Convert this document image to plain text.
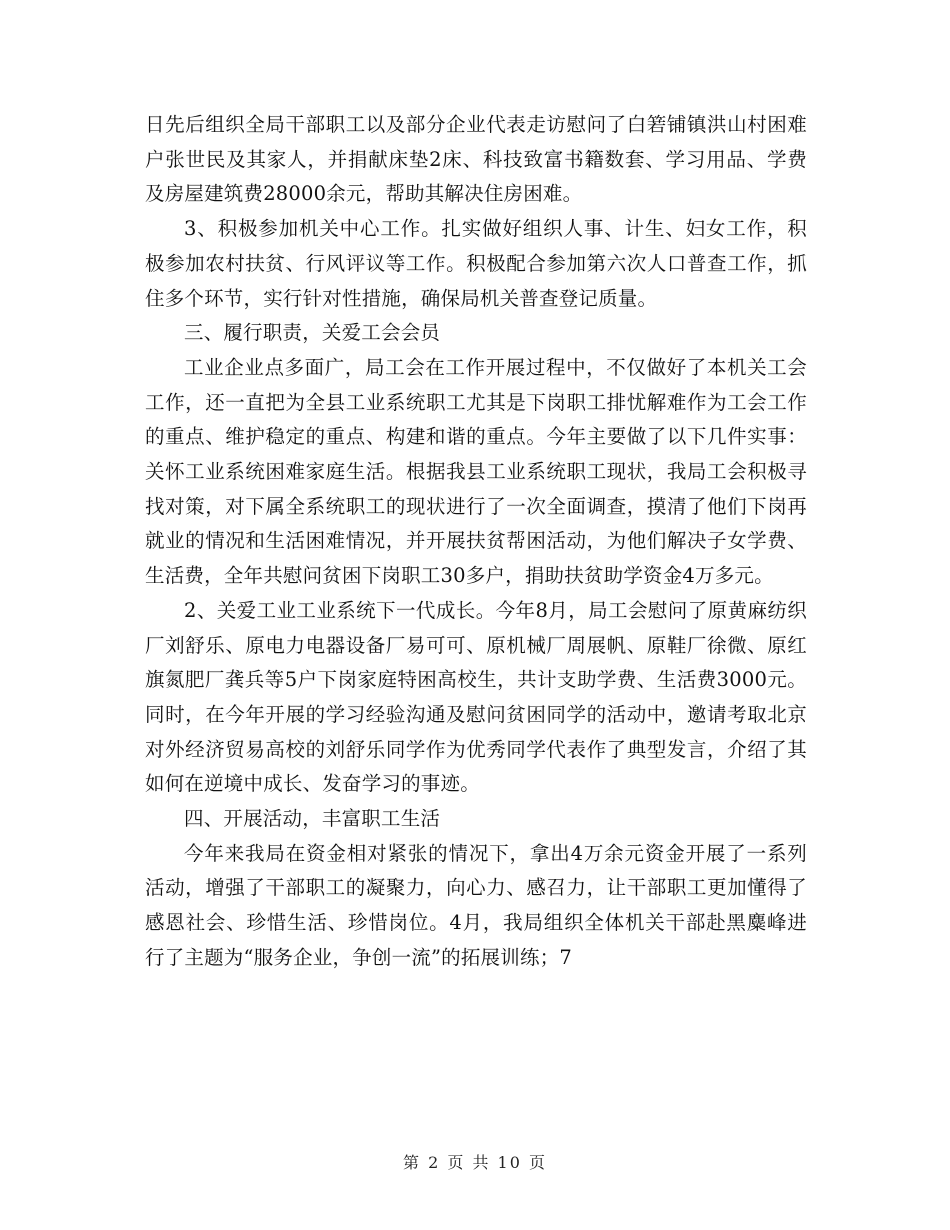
日先后组织全局干部职工以及部分企业代表走访慰问了白箬铺镇洪山村困难户张世民及其家人，并捐献床垫2床、科技致富书籍数套、学习用品、学费及房屋建筑费28000余元，帮助其解决住房困难。

3、积极参加机关中心工作。扎实做好组织人事、计生、妇女工作，积极参加农村扶贫、行风评议等工作。积极配合参加第六次人口普查工作，抓住多个环节，实行针对性措施，确保局机关普查登记质量。

三、履行职责，关爱工会会员

工业企业点多面广，局工会在工作开展过程中，不仅做好了本机关工会工作，还一直把为全县工业系统职工尤其是下岗职工排忧解难作为工会工作的重点、维护稳定的重点、构建和谐的重点。今年主要做了以下几件实事：关怀工业系统困难家庭生活。根据我县工业系统职工现状，我局工会积极寻找对策，对下属全系统职工的现状进行了一次全面调查，摸清了他们下岗再就业的情况和生活困难情况，并开展扶贫帮困活动，为他们解决子女学费、生活费，全年共慰问贫困下岗职工30多户，捐助扶贫助学资金4万多元。

2、关爱工业工业系统下一代成长。今年8月，局工会慰问了原黄麻纺织厂刘舒乐、原电力电器设备厂易可可、原机械厂周展帆、原鞋厂徐微、原红旗氮肥厂龚兵等5户下岗家庭特困高校生，共计支助学费、生活费3000元。同时，在今年开展的学习经验沟通及慰问贫困同学的活动中，邀请考取北京对外经济贸易高校的刘舒乐同学作为优秀同学代表作了典型发言，介绍了其如何在逆境中成长、发奋学习的事迹。

四、开展活动，丰富职工生活

今年来我局在资金相对紧张的情况下，拿出4万余元资金开展了一系列活动，增强了干部职工的凝聚力，向心力、感召力，让干部职工更加懂得了感恩社会、珍惜生活、珍惜岗位。4月，我局组织全体机关干部赴黑麋峰进行了主题为“服务企业，争创一流”的拓展训练；7

第 2 页 共 10 页
